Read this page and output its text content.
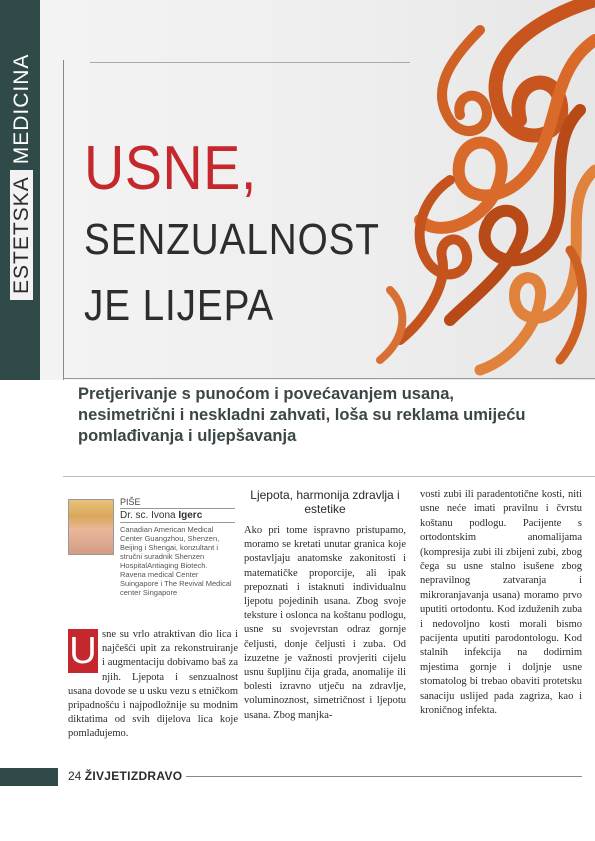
ESTETSKAMEDICINA
USNE,
SENZUALNOST
JE LIJEPA
Pretjerivanje s punoćom i povećavanjem usana, nesimetrični i neskladni zahvati, loša su reklama umijeću pomlađivanja i uljepšavanja
PIŠE
Dr. sc. Ivona Igerc
Canadian American Medical Center Guangzhou, Shenzen, Beijing i Shengai, konzultant i stručni suradnik Shenzen HospitalAntiaging Biotech. Ravena medical Center Suingapore i The Revival Medical center Singapore
U sne su vrlo atraktivan dio lica i najčešći upit za rekonstruiranje i augmentaciju dobivamo baš za njih. Ljepota i senzualnost usana dovode se u usku vezu s etničkom pripadnošću i najpodložnije su modnim diktatima od svih dijelova lica koje pomlađujemo.
Ljepota, harmonija zdravlja i estetike
Ako pri tome ispravno pristupamo, moramo se kretati unutar granica koje postavljaju anatomske zakonitosti i matematičke proporcije, ali ipak prepoznati i istaknuti individualnu ljepotu pojedinih usana. Zbog svoje teksture i oslonca na koštanu podlogu, usne su svojevrstan odraz gornje čeljusti, donje čeljusti i zuba. Od izuzetne je važnosti provjeriti cijelu usnu šupljinu čija građa, anomalije ili bolesti izravno utječu na zdravlje, voluminoznost, simetričnost i ljepotu usana. Zbog manjka-
vosti zubi ili paradentotične kosti, niti usne neće imati pravilnu i čvrstu koštanu podlogu. Pacijente s ortodontskim anomalijama (kompresija zubi ili zbijeni zubi, zbog čega su usne stalno isušene zbog nepravilnog zatvaranja i mikroranjavanja usana) moramo prvo uputiti ortodontu. Kod izduženih zuba i nedovoljno kosti morali bismo pacijenta uputiti parodontologu. Kod stalnih infekcija na dodirnim mjestima gornje i doljnje usne stomatolog bi trebao obaviti protetsku sanaciju uslijed pada zagriza, kao i kroničnog infekta.
24 ŽIVJETIZDRAVO
